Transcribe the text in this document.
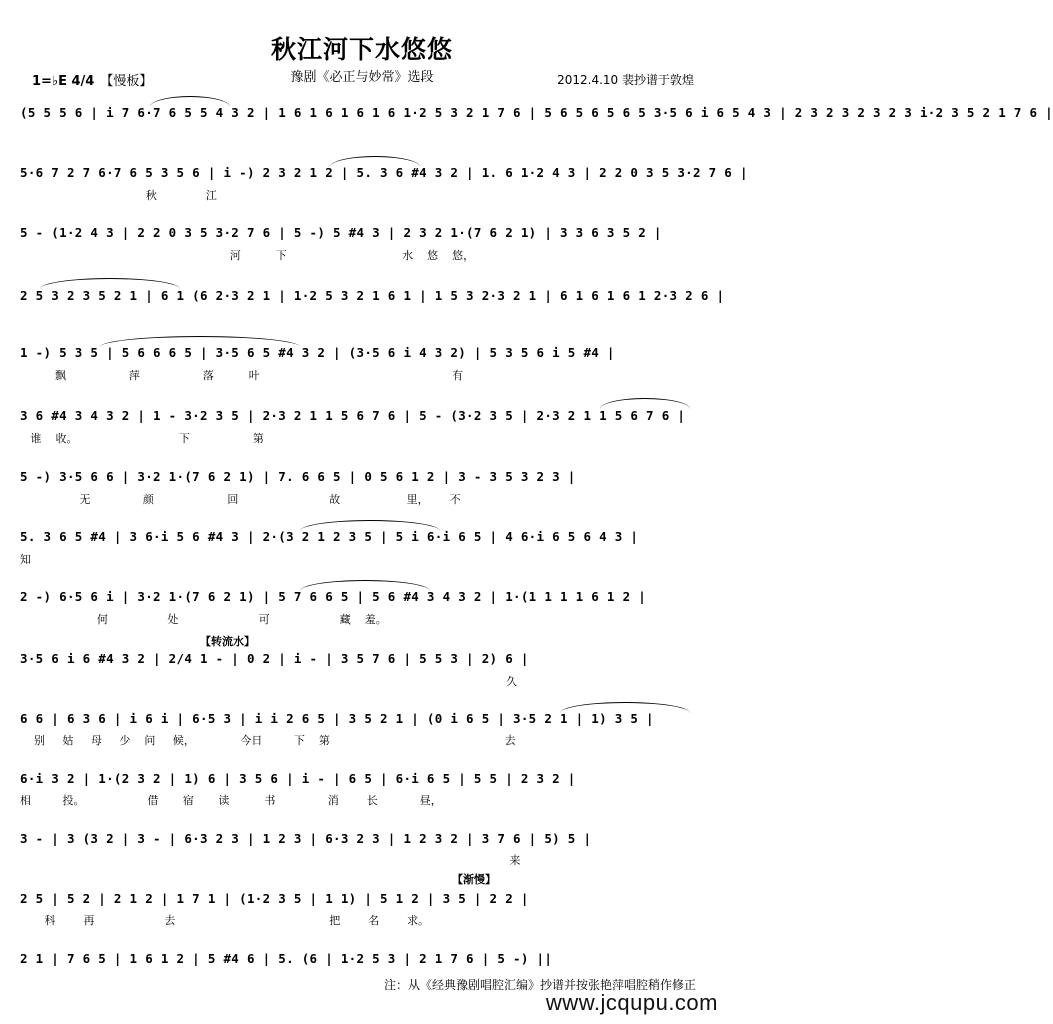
秋江河下水悠悠
豫剧《必正与妙常》选段
1=♭E 4/4 【慢板】	2012.4.10 裴抄谱于敦煌
(5 5 5 6 | i 7 6·7 6 5 5 4 3 2 | 1 6 1 6 1 6 1 6 1·2 5 3 2 1 7 6 | 5 6 5 6 5 6 5 3·5 6 i 6 5 4 3 | 2 3 2 3 2 3 2 3 i·2 3 5 2 1 7 6 |
5·6 7 2 7 6·7 6 5 3 5 6 | i -) 2 3 2 1 2 | 5. 3 6 #4 3 2 | 1. 6 1·2 4 3 | 2 2 0 3 5 3·2 7 6 |
秋              江
5 - (1·2 4 3 | 2 2 0 3 5 3·2 7 6 | 5 -) 5 #4 3 | 2 3 2 1·(7 6 2 1) | 3 3 6 3 5 2 |
河          下                                 水    悠    悠，
2 5 3 2 3 5 2 1 | 6 1 (6 2·3 2 1 | 1·2 5 3 2 1 6 1 | 1 5 3 2·3 2 1 | 6 1 6 1 6 1 2·3 2 6 |
1 -) 5 3 5 | 5 6 6 6 5 | 3·5 6 5 #4 3 2 | (3·5 6 i 4 3 2) | 5 3 5 6 i 5 #4 |
飘                  萍                  落          叶                                                       有
3 6 #4 3 4 3 2 | 1 - 3·2 3 5 | 2·3 2 1 1 5 6 7 6 | 5 - (3·2 3 5 | 2·3 2 1 1 5 6 7 6 |
谁    收。                             下                  第
5 -) 3·5 6 6 | 3·2 1·(7 6 2 1) | 7. 6 6 5 | 0 5 6 1 2 | 3 - 3 5 3 2 3 |
无               颜                     回                          故                   里，      不
5. 3 6 5 #4 | 3 6·i 5 6 #4 3 | 2·(3 2 1 2 3 5 | 5 i 6·i 6 5 | 4 6·i 6 5 6 4 3 |
知
2 -) 6·5 6 i | 3·2 1·(7 6 2 1) | 5 7 6 6 5 | 5 6 #4 3 4 3 2 | 1·(1 1 1 1 6 1 2 |
何                 处                       可                    藏    羞。
【转流水】
3·5 6 i 6 #4 3 2 | 2/4 1 - | 0 2 | i - | 3 5 7 6 | 5 5 3 | 2) 6 |
久
6 6 | 6 3 6 | i 6 i | 6·5 3 | i i 2 6 5 | 3 5 2 1 | (0 i 6 5 | 3·5 2 1 | 1) 3 5 |
别     姑     母     少    问     候，             今日         下    第                                                  去
6·i 3 2 | 1·(2 3 2 | 1) 6 | 3 5 6 | i - | 6 5 | 6·i 6 5 | 5 5 | 2 3 2 |
相         投。                  借       宿       读          书               消        长            昼，
3 - | 3 (3 2 | 3 - | 6·3 2 3 | 1 2 3 | 6·3 2 3 | 1 2 3 2 | 3 7 6 | 5) 5 |
来
【渐慢】
2 5 | 5 2 | 2 1 2 | 1 7 1 | (1·2 3 5 | 1 1) | 5 1 2 | 3 5 | 2 2 |
科        再                    去                                            把        名        求。
2 1 | 7 6 5 | 1 6 1 2 | 5 #4 6 | 5. (6 | 1·2 5 3 | 2 1 7 6 | 5 -) ||
注：从《经典豫剧唱腔汇编》抄谱并按张艳萍唱腔稍作修正
www.jcqupu.com
